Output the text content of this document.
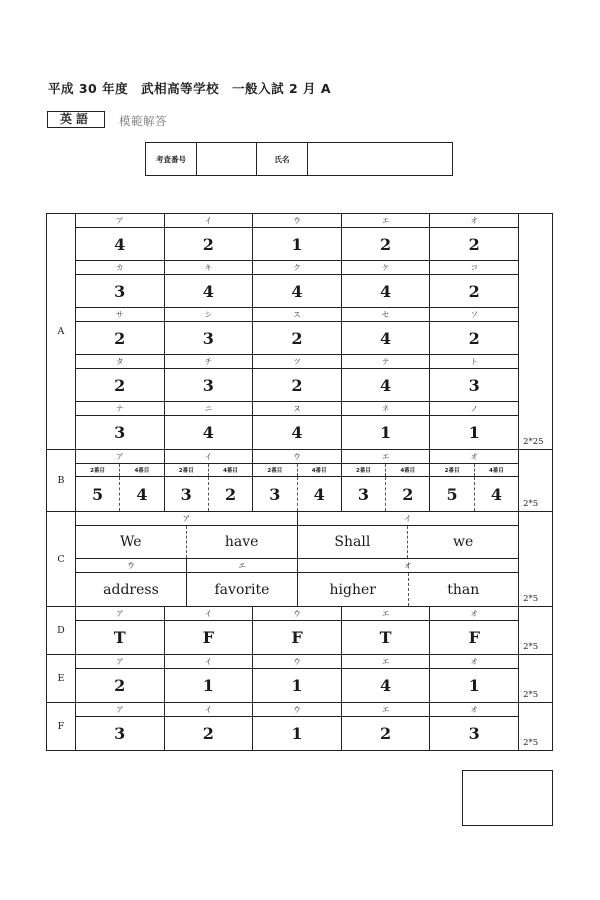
平成 30 年度　武相高等学校　一般入試 2 月 A
英語	模範解答
考査番号	氏名
A
ア	イ	ウ	エ	オ
4	2	1	2	2
カ	キ	ク	ケ	コ
3	4	4	4	2
サ	シ	ス	セ	ソ
2	3	2	4	2
タ	チ	ツ	テ	ト
2	3	2	4	3
ナ	ニ	ヌ	ネ	ノ
3	4	4	1	1	2*25
B
ア	イ	ウ	エ	オ
2番目	4番目	2番目	4番目	2番目	4番目	2番目	4番目	2番目	4番目
5	4	3	2	3	4	3	2	5	4
2*5
C
ア	イ
We	have	Shall	we
ウ	エ	オ
address	favorite	higher	than
2*5
D
ア	イ	ウ	エ	オ
T	F	F	T	F	2*5
E
ア	イ	ウ	エ	オ
2	1	1	4	1	2*5
F
ア	イ	ウ	エ	オ
3	2	1	2	3	2*5
